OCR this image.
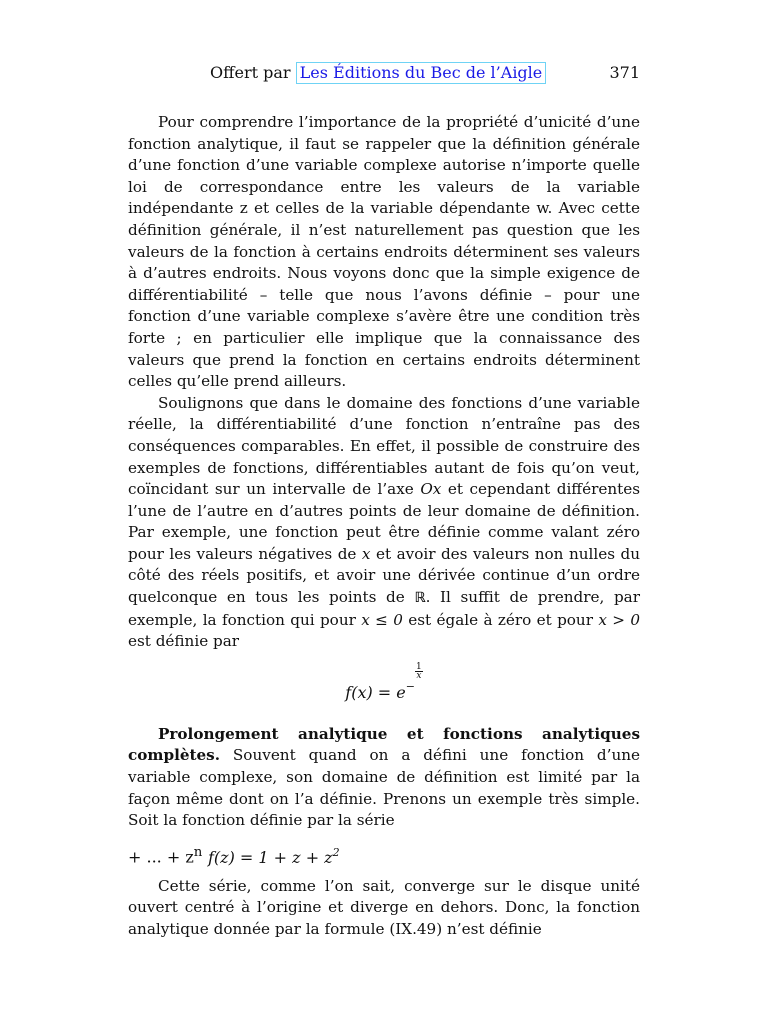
Offert par Les Éditions du Bec de l’Aigle	371

Pour comprendre l’importance de la propriété d’unicité d’une fonction analytique, il faut se rappeler que la définition générale d’une fonction d’une variable complexe autorise n’importe quelle loi de correspondance entre les valeurs de la variable indépendante z et celles de la variable dépendante w. Avec cette définition générale, il n’est naturellement pas question que les valeurs de la fonction à certains endroits déterminent ses valeurs à d’autres endroits. Nous voyons donc que la simple exigence de différentiabilité – telle que nous l’avons définie – pour une fonction d’une variable complexe s’avère être une condition très forte ; en particulier elle implique que la connaissance des valeurs que prend la fonction en certains endroits déterminent celles qu’elle prend ailleurs.

Soulignons que dans le domaine des fonctions d’une variable réelle, la différentiabilité d’une fonction n’entraîne pas des conséquences comparables. En effet, il possible de construire des exemples de fonctions, différentiables autant de fois qu’on veut, coïncidant sur un intervalle de l’axe Ox et cependant différentes l’une de l’autre en d’autres points de leur domaine de définition. Par exemple, une fonction peut être définie comme valant zéro pour les valeurs négatives de x et avoir des valeurs non nulles du côté des réels positifs, et avoir une dérivée continue d’un ordre quelconque en tous les points de ℝ. Il suffit de prendre, par exemple, la fonction qui pour x ≤ 0 est égale à zéro et pour x > 0 est définie par

$f(x) = e^{- \frac{1}{x}}$

Prolongement analytique et fonctions analytiques complètes. Souvent quand on a défini une fonction d’une variable complexe, son domaine de définition est limité par la façon même dont on l’a définie. Prenons un exemple très simple. Soit la fonction définie par la série

$f(z) = 1 + z + z^2$
+ ... + $z^n$

Cette série, comme l’on sait, converge sur le disque unité ouvert centré à l’origine et diverge en dehors. Donc, la fonction analytique donnée par la formule (IX.49) n’est définie
